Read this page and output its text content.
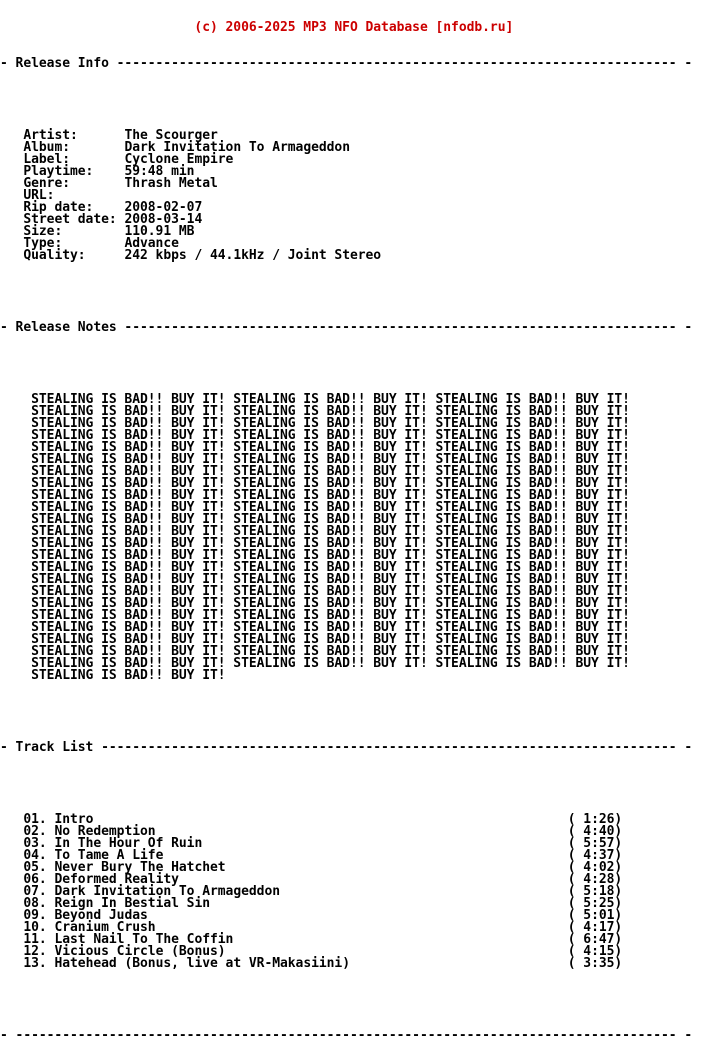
(c) 2006-2025 MP3 NFO Database [nfodb.ru]

- Release Info ------------------------------------------------------------------------ -

Artist:      The Scourger
Album:       Dark Invitation To Armageddon
Label:       Cyclone Empire
Playtime:    59:48 min
Genre:       Thrash Metal
URL:
Rip date:    2008-02-07
Street date: 2008-03-14
Size:        110.91 MB
Type:        Advance
Quality:     242 kbps / 44.1kHz / Joint Stereo

- Release Notes ----------------------------------------------------------------------- -

STEALING IS BAD!! BUY IT! STEALING IS BAD!! BUY IT! STEALING IS BAD!! BUY IT!
STEALING IS BAD!! BUY IT! STEALING IS BAD!! BUY IT! STEALING IS BAD!! BUY IT!
STEALING IS BAD!! BUY IT! STEALING IS BAD!! BUY IT! STEALING IS BAD!! BUY IT!
STEALING IS BAD!! BUY IT! STEALING IS BAD!! BUY IT! STEALING IS BAD!! BUY IT!
STEALING IS BAD!! BUY IT! STEALING IS BAD!! BUY IT! STEALING IS BAD!! BUY IT!
STEALING IS BAD!! BUY IT! STEALING IS BAD!! BUY IT! STEALING IS BAD!! BUY IT!
STEALING IS BAD!! BUY IT! STEALING IS BAD!! BUY IT! STEALING IS BAD!! BUY IT!
STEALING IS BAD!! BUY IT! STEALING IS BAD!! BUY IT! STEALING IS BAD!! BUY IT!
STEALING IS BAD!! BUY IT! STEALING IS BAD!! BUY IT! STEALING IS BAD!! BUY IT!
STEALING IS BAD!! BUY IT! STEALING IS BAD!! BUY IT! STEALING IS BAD!! BUY IT!
STEALING IS BAD!! BUY IT! STEALING IS BAD!! BUY IT! STEALING IS BAD!! BUY IT!
STEALING IS BAD!! BUY IT! STEALING IS BAD!! BUY IT! STEALING IS BAD!! BUY IT!
STEALING IS BAD!! BUY IT! STEALING IS BAD!! BUY IT! STEALING IS BAD!! BUY IT!
STEALING IS BAD!! BUY IT! STEALING IS BAD!! BUY IT! STEALING IS BAD!! BUY IT!
STEALING IS BAD!! BUY IT! STEALING IS BAD!! BUY IT! STEALING IS BAD!! BUY IT!
STEALING IS BAD!! BUY IT! STEALING IS BAD!! BUY IT! STEALING IS BAD!! BUY IT!
STEALING IS BAD!! BUY IT! STEALING IS BAD!! BUY IT! STEALING IS BAD!! BUY IT!
STEALING IS BAD!! BUY IT! STEALING IS BAD!! BUY IT! STEALING IS BAD!! BUY IT!
STEALING IS BAD!! BUY IT! STEALING IS BAD!! BUY IT! STEALING IS BAD!! BUY IT!
STEALING IS BAD!! BUY IT! STEALING IS BAD!! BUY IT! STEALING IS BAD!! BUY IT!
STEALING IS BAD!! BUY IT! STEALING IS BAD!! BUY IT! STEALING IS BAD!! BUY IT!
STEALING IS BAD!! BUY IT! STEALING IS BAD!! BUY IT! STEALING IS BAD!! BUY IT!
STEALING IS BAD!! BUY IT! STEALING IS BAD!! BUY IT! STEALING IS BAD!! BUY IT!
STEALING IS BAD!! BUY IT!

- Track List -------------------------------------------------------------------------- -

01. Intro	( 1:26)
02. No Redemption	( 4:40)
03. In The Hour Of Ruin	( 5:57)
04. To Tame A Life	( 4:37)
05. Never Bury The Hatchet	( 4:02)
06. Deformed Reality	( 4:28)
07. Dark Invitation To Armageddon	( 5:18)
08. Reign In Bestial Sin	( 5:25)
09. Beyond Judas	( 5:01)
10. Cranium Crush	( 4:17)
11. Last Nail To The Coffin	( 6:47)
12. Vicious Circle (Bonus)	( 4:15)
13. Hatehead (Bonus, live at VR-Makasiini)	( 3:35)

- ------------------------------------------------------------------------------------- -
